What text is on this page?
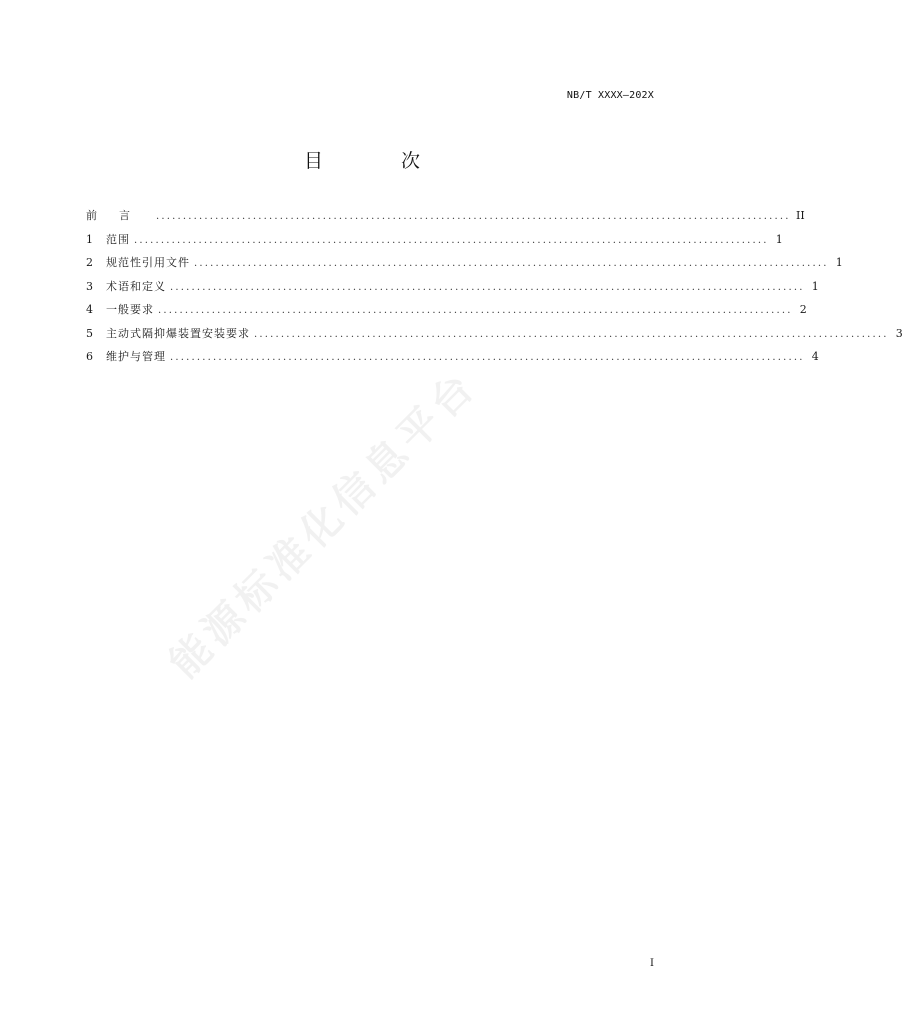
NB/T XXXX—202X
目 次
前言 ...................................................................................................................... II
1	范围 ...................................................................................................................... 1
2	规范性引用文件 ...................................................................................................................... 1
3	术语和定义 ...................................................................................................................... 1
4	一般要求 ...................................................................................................................... 2
5	主动式隔抑爆装置安装要求 ...................................................................................................................... 3
6	维护与管理 ...................................................................................................................... 4
能源标准化信息平台
I
